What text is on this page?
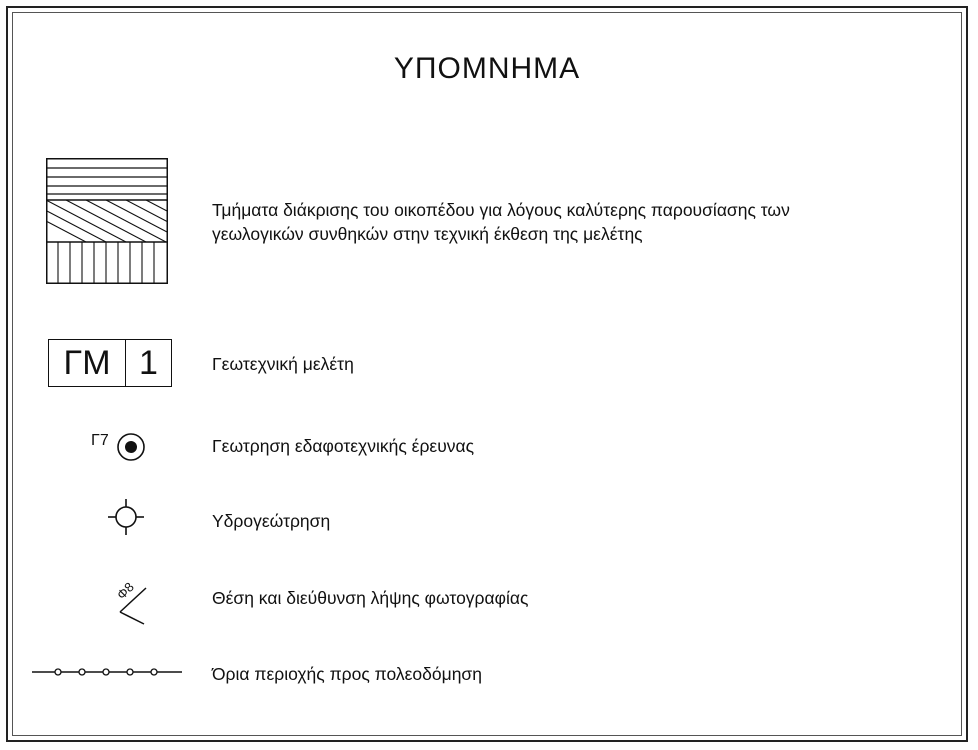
ΥΠΟΜΝΗΜΑ
Τμήματα διάκρισης του οικοπέδου για λόγους καλύτερης παρουσίασης των
γεωλογικών συνθηκών στην τεχνική έκθεση της μελέτης
ΓΜ 1	Γεωτεχνική μελέτη
Γ7	Γεωτρηση εδαφοτεχνικής έρευνας
Υδρογεώτρηση
Φ8	Θέση και διεύθυνση λήψης φωτογραφίας
Όρια περιοχής προς πολεοδόμηση
